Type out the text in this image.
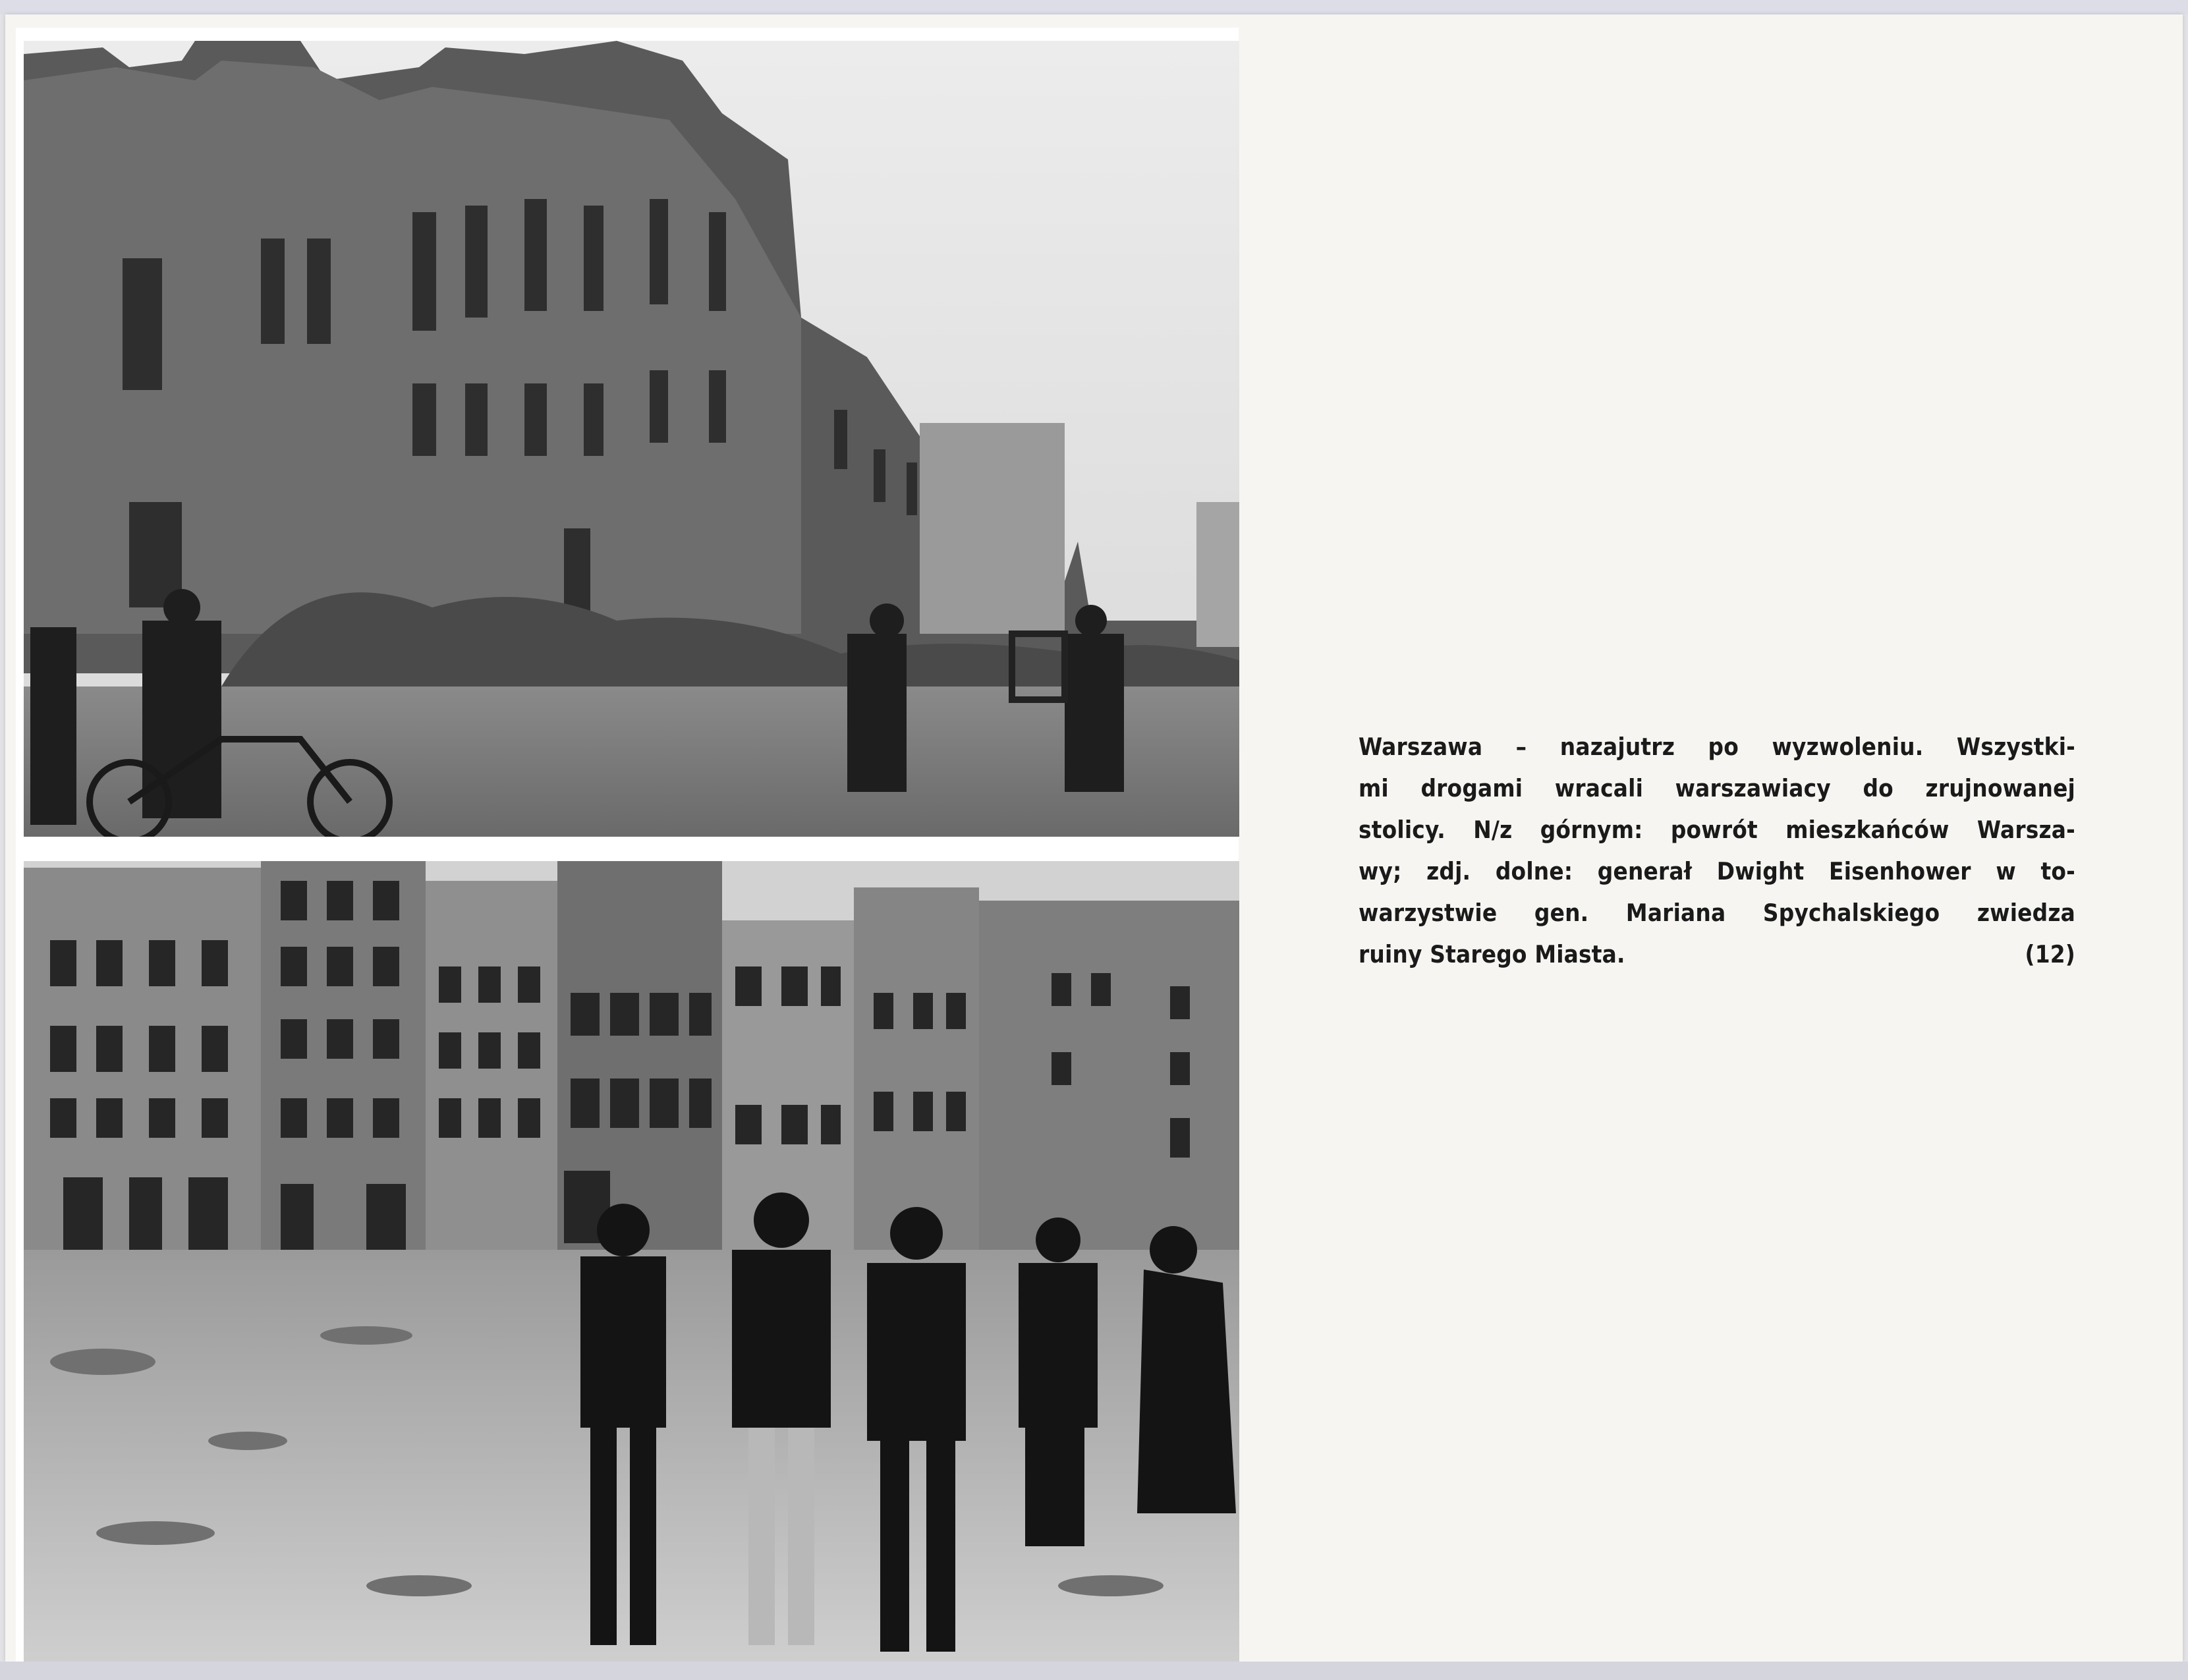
Warszawa – nazajutrz po wyzwoleniu. Wszystki-
mi drogami wracali warszawiacy do zrujnowanej
stolicy. N/z górnym: powrót mieszkańców Warsza-
wy; zdj. dolne: generał Dwight Eisenhower w to-
warzystwie gen. Mariana Spychalskiego zwiedza
ruiny Starego Miasta.	(12)
